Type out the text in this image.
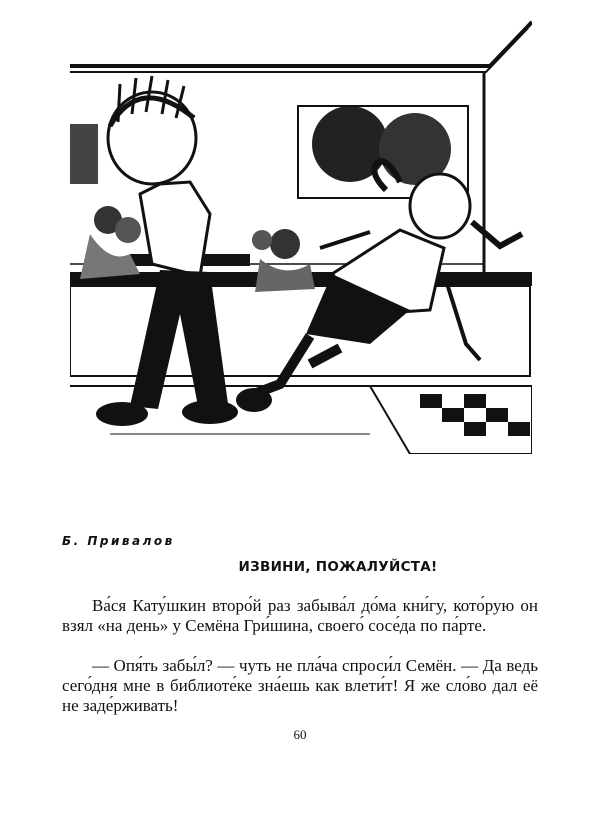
Б. Привалов
ИЗВИНИ, ПОЖАЛУЙСТА!

Ва́ся Кату́шкин второ́й раз забыва́л до́ма кни́гу, кото́рую он взял «на день» у Семёна Гри́шина, своего́ сосе́да по па́рте.

— Опя́ть забы́л? — чуть не пла́ча спроси́л Семён. — Да ведь сего́дня мне в библиоте́ке зна́ешь как влети́т! Я же сло́во дал её не заде́рживать!

60
